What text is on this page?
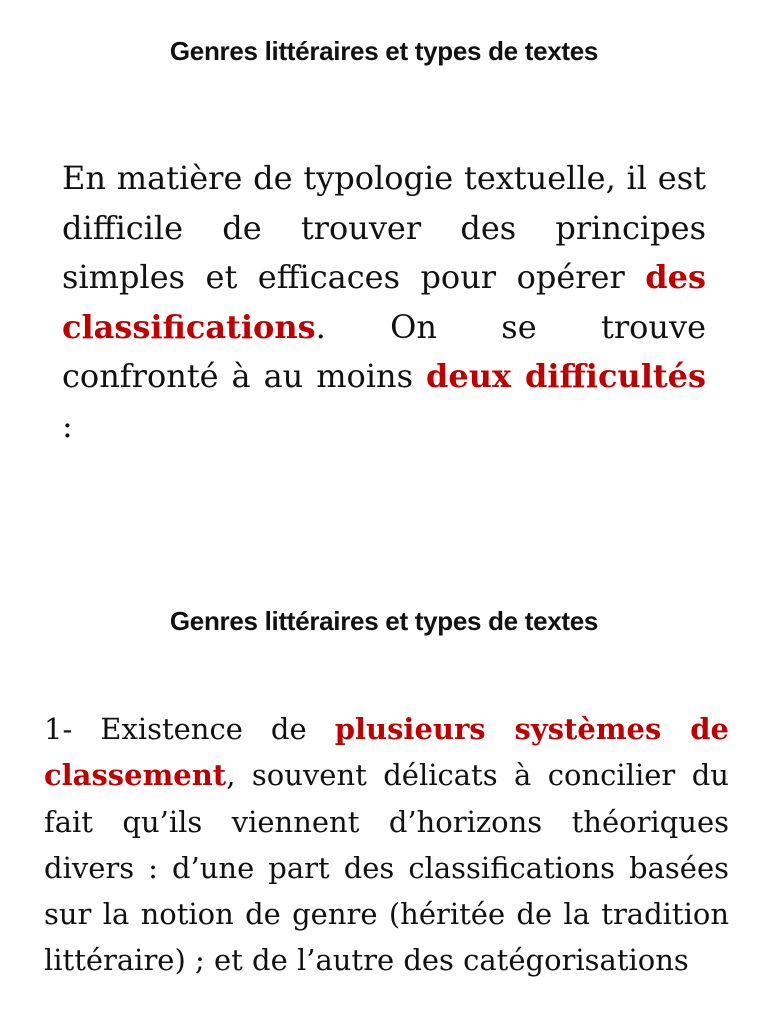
Genres littéraires et types de textes

En matière de typologie textuelle, il est difficile de trouver des principes simples et efficaces pour opérer des classifications. On se trouve confronté à au moins deux difficultés :

Genres littéraires et types de textes

1- Existence de plusieurs systèmes de classement, souvent délicats à concilier du fait qu’ils viennent d’horizons théoriques divers : d’une part des classifications basées sur la notion de genre (héritée de la tradition littéraire) ; et de l’autre des catégorisations
